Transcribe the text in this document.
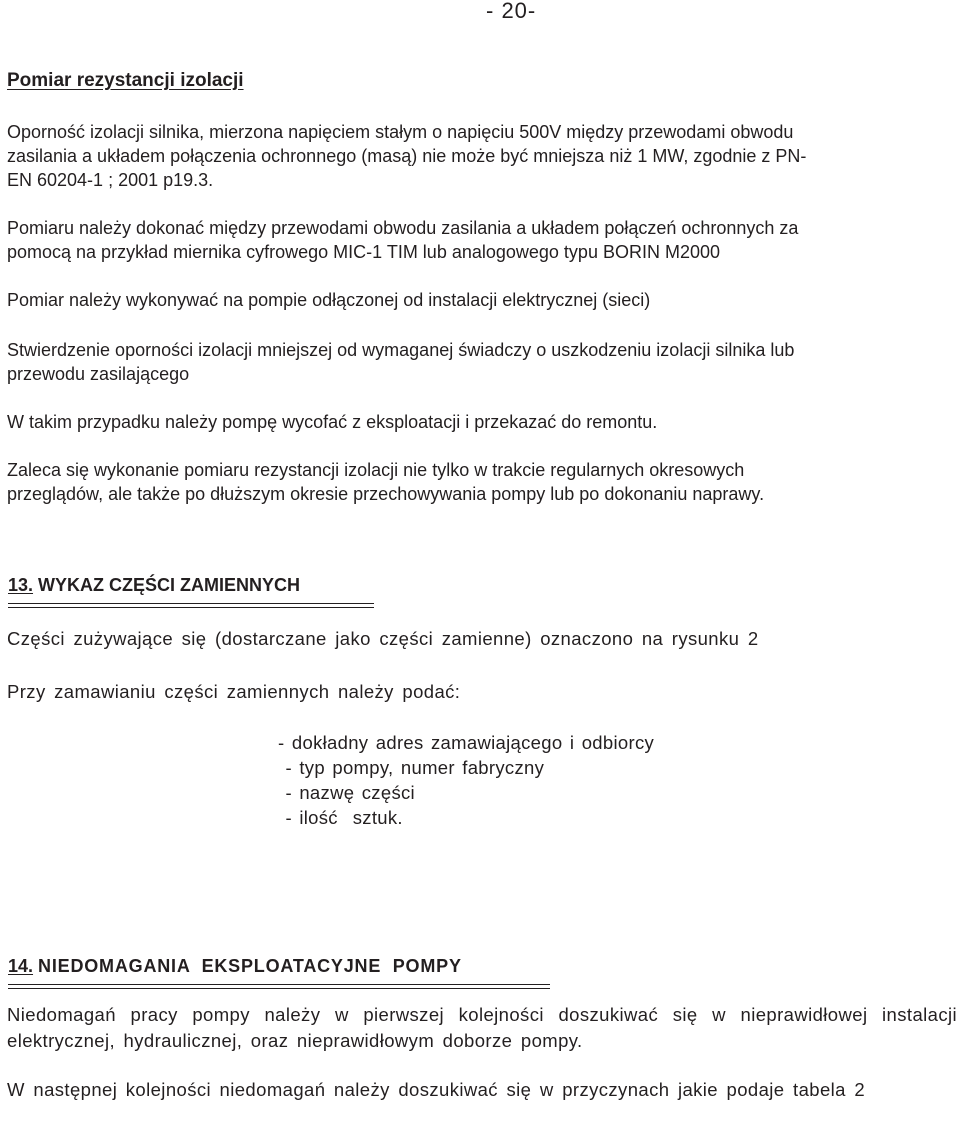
- 20-
Pomiar rezystancji izolacji
Oporność izolacji silnika, mierzona napięciem stałym o napięciu 500V między przewodami obwodu
zasilania a układem połączenia ochronnego (masą) nie może być mniejsza niż 1 MW, zgodnie z PN-
EN 60204-1 ; 2001 p19.3.
Pomiaru należy dokonać między przewodami obwodu zasilania a układem połączeń ochronnych za
pomocą na przykład miernika cyfrowego MIC-1 TIM lub analogowego typu BORIN M2000
Pomiar należy wykonywać na pompie odłączonej od instalacji elektrycznej (sieci)
Stwierdzenie oporności izolacji mniejszej od wymaganej świadczy o uszkodzeniu izolacji silnika lub
przewodu zasilającego
W takim przypadku należy pompę wycofać z eksploatacji i przekazać do remontu.
Zaleca się wykonanie pomiaru rezystancji izolacji nie tylko w trakcie regularnych okresowych
przeglądów, ale także po dłuższym okresie przechowywania pompy lub po dokonaniu naprawy.
13. WYKAZ CZĘŚCI ZAMIENNYCH
Części zużywające się (dostarczane jako części zamienne) oznaczono na rysunku 2
Przy zamawianiu części zamiennych należy podać:
- dokładny adres zamawiającego i odbiorcy
- typ pompy, numer fabryczny
- nazwę części
- ilość  sztuk.
14. NIEDOMAGANIA  EKSPLOATACYJNE  POMPY
Niedomagań pracy pompy należy w pierwszej kolejności doszukiwać się w nieprawidłowej instalacji elektrycznej, hydraulicznej, oraz nieprawidłowym doborze pompy.
W następnej kolejności niedomagań należy doszukiwać się w przyczynach jakie podaje tabela 2
